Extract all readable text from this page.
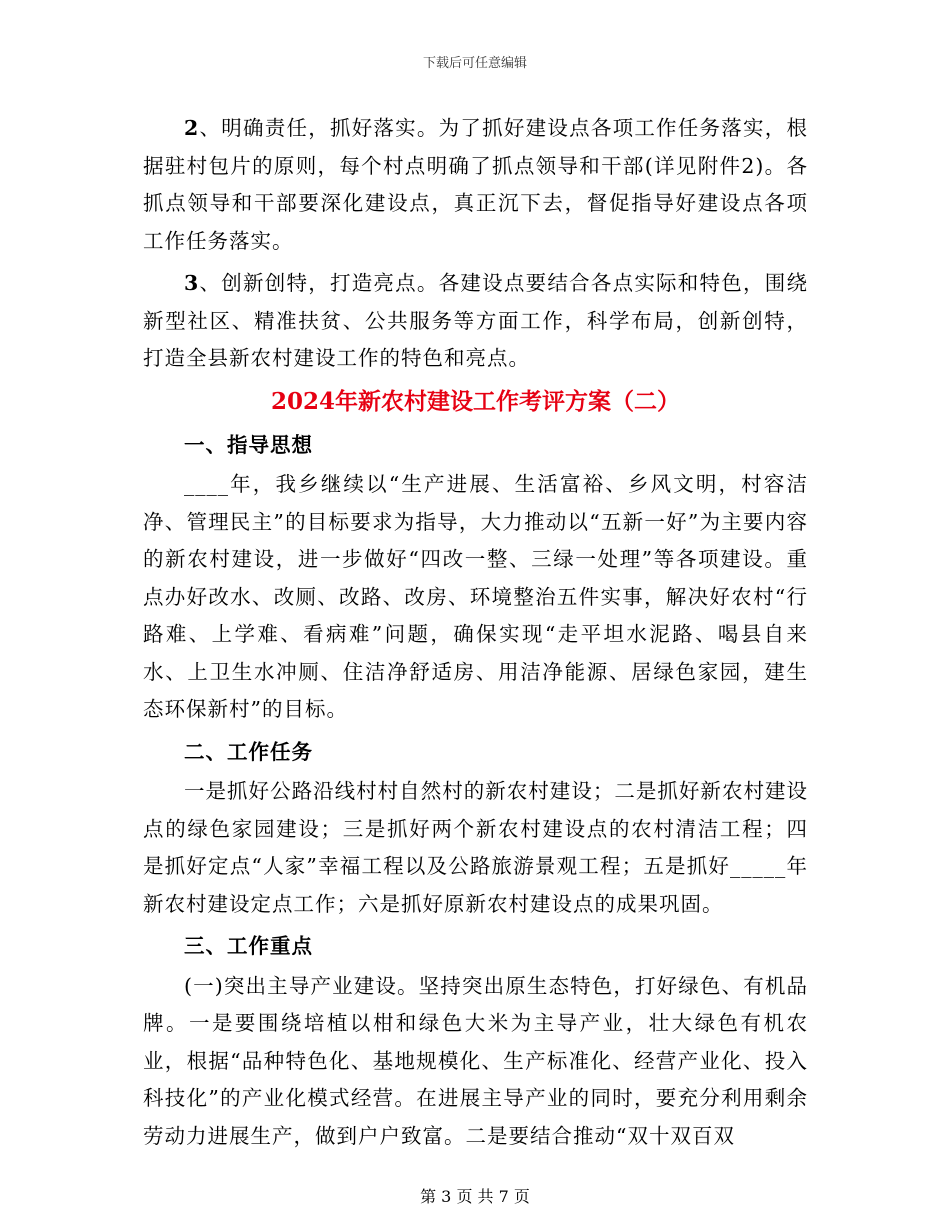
下载后可任意编辑

2、明确责任，抓好落实。为了抓好建设点各项工作任务落实，根据驻村包片的原则，每个村点明确了抓点领导和干部(详见附件2)。各抓点领导和干部要深化建设点，真正沉下去，督促指导好建设点各项工作任务落实。

3、创新创特，打造亮点。各建设点要结合各点实际和特色，围绕新型社区、精准扶贫、公共服务等方面工作，科学布局，创新创特，打造全县新农村建设工作的特色和亮点。

2024年新农村建设工作考评方案（二）

一、指导思想

____年，我乡继续以“生产进展、生活富裕、乡风文明，村容洁净、管理民主”的目标要求为指导，大力推动以“五新一好”为主要内容的新农村建设，进一步做好“四改一整、三绿一处理”等各项建设。重点办好改水、改厕、改路、改房、环境整治五件实事，解决好农村“行路难、上学难、看病难”问题，确保实现“走平坦水泥路、喝县自来水、上卫生水冲厕、住洁净舒适房、用洁净能源、居绿色家园，建生态环保新村”的目标。

二、工作任务

一是抓好公路沿线村村自然村的新农村建设；二是抓好新农村建设点的绿色家园建设；三是抓好两个新农村建设点的农村清洁工程；四是抓好定点“人家”幸福工程以及公路旅游景观工程；五是抓好_____年新农村建设定点工作；六是抓好原新农村建设点的成果巩固。

三、工作重点

(一)突出主导产业建设。坚持突出原生态特色，打好绿色、有机品牌。一是要围绕培植以柑和绿色大米为主导产业，壮大绿色有机农业，根据“品种特色化、基地规模化、生产标准化、经营产业化、投入科技化”的产业化模式经营。在进展主导产业的同时，要充分利用剩余劳动力进展生产，做到户户致富。二是要结合推动“双十双百双

第 3 页 共 7 页
